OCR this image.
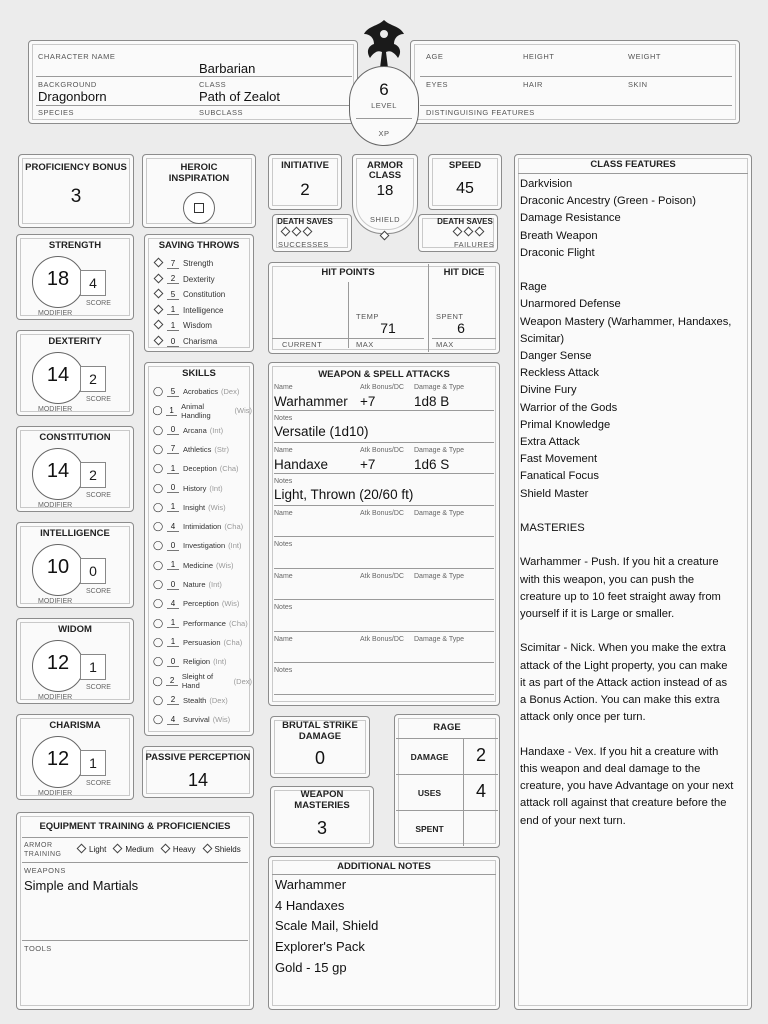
CHARACTER NAME
Barbarian
BACKGROUND	CLASS
Dragonborn	Path of Zealot
SPECIES	SUBCLASS
6
LEVEL
XP
AGE	HEIGHT	WEIGHT
EYES	HAIR	SKIN
DISTINGUISING FEATURES
PROFICIENCY BONUS
3
HEROIC
INSPIRATION
INITIATIVE
2
ARMOR
CLASS
18
SHIELD
SPEED
45
DEATH SAVES
SUCCESSES
DEATH SAVES
FAILURES
HIT POINTS	HIT DICE
TEMP
71
CURRENT	MAX
SPENT
6
MAX
STRENGTH
18	4
MODIFIER
SCORE
DEXTERITY
14	2
MODIFIER
SCORE
CONSTITUTION
14	2
MODIFIER
SCORE
INTELLIGENCE
10	0
MODIFIER
SCORE
WIDOM
12	1
MODIFIER
SCORE
CHARISMA
12	1
MODIFIER
SCORE
SAVING THROWS
7 Strength
2 Dexterity
5 Constitution
1 Intelligence
1 Wisdom
0 Charisma
SKILLS
◯ 5	Acrobatics (Dex)
◯ 1 Animal Handling	(Wis)
◯ 0	Arcana (Int)
◯ 7	Athletics (Str)
◯ 1	Deception (Cha)
◯ 0	History (Int)
◯ 1	Insight (Wis)
◯ 4	Intimidation (Cha)
◯ 0	Investigation (Int)
◯ 1	Medicine (Wis)
◯ 0	Nature (Int)
◯ 4	Perception (Wis)
◯ 1	Performance (Cha)
◯ 1	Persuasion (Cha)
◯ 0	Religion (Int)
◯ 2 Sleight of Hand	(Dex)
◯ 2	Stealth (Dex)
◯ 4	Survival (Wis)
PASSIVE PERCEPTION
14
WEAPON & SPELL ATTACKS
Name	Atk Bonus/DC Damage & Type
Warhammer +7	1d8 B
Notes
Versatile (1d10)
Name	Atk Bonus/DC Damage & Type
Handaxe +7	1d6 S
Notes
Light, Thrown (20/60 ft)
Name	Atk Bonus/DC Damage & Type
Notes
Name	Atk Bonus/DC Damage & Type
Notes
Name	Atk Bonus/DC Damage & Type
Notes
BRUTAL STRIKE
DAMAGE
0
WEAPON
MASTERIES
3
RAGE
DAMAGE	2
USES	4
SPENT
EQUIPMENT TRAINING & PROFICIENCIES
ARMOR
TRAINING
Light	Medium	Heavy	Shields
WEAPONS
Simple and Martials
TOOLS
ADDITIONAL NOTES
Warhammer
4 Handaxes
Scale Mail, Shield
Explorer's Pack
Gold - 15 gp
CLASS FEATURES
Darkvision
Draconic Ancestry (Green - Poison)
Damage Resistance
Breath Weapon
Draconic Flight

Rage
Unarmored Defense
Weapon Mastery (Warhammer, Handaxes,
Scimitar)
Danger Sense
Reckless Attack
Divine Fury
Warrior of the Gods
Primal Knowledge
Extra Attack
Fast Movement
Fanatical Focus
Shield Master

MASTERIES

Warhammer - Push. If you hit a creature
with this weapon, you can push the
creature up to 10 feet straight away from
yourself if it is Large or smaller.

Scimitar - Nick. When you make the extra
attack of the Light property, you can make
it as part of the Attack action instead of as
a Bonus Action. You can make this extra
attack only once per turn.

Handaxe - Vex. If you hit a creature with
this weapon and deal damage to the
creature, you have Advantage on your next
attack roll against that creature before the
end of your next turn.
